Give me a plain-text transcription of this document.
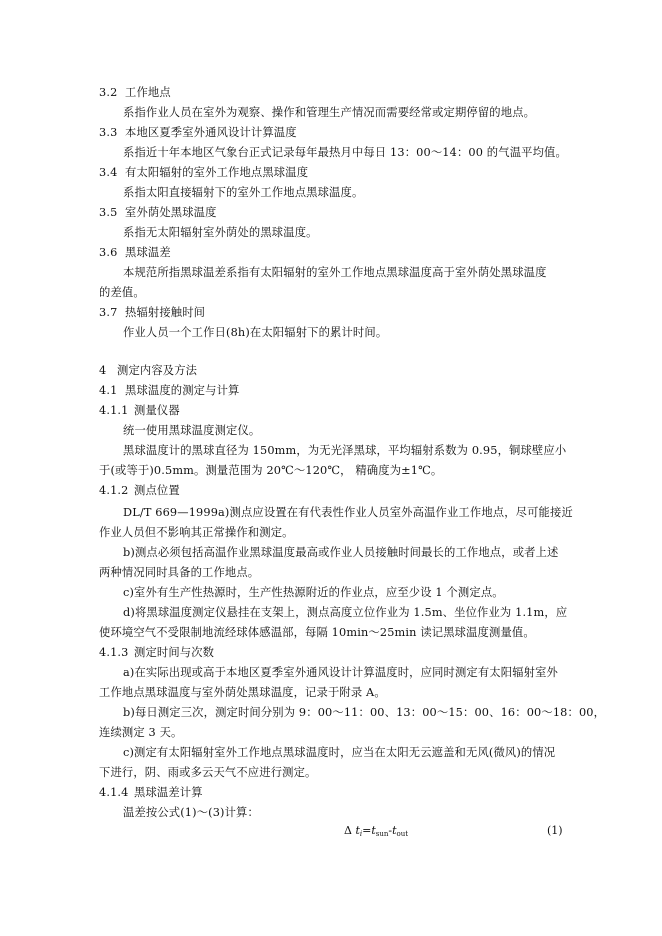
3.2 工作地点
系指作业人员在室外为观察、操作和管理生产情况而需要经常或定期停留的地点。
3.3 本地区夏季室外通风设计计算温度
系指近十年本地区气象台正式记录每年最热月中每日 13：00～14：00 的气温平均值。
3.4 有太阳辐射的室外工作地点黑球温度
系指太阳直接辐射下的室外工作地点黑球温度。
3.5 室外荫处黑球温度
系指无太阳辐射室外荫处的黑球温度。
3.6 黑球温差
本规范所指黑球温差系指有太阳辐射的室外工作地点黑球温度高于室外荫处黑球温度
的差值。
3.7 热辐射接触时间
作业人员一个工作日(8h)在太阳辐射下的累计时间。
4 测定内容及方法
4.1 黑球温度的测定与计算
4.1.1 测量仪器
统一使用黑球温度测定仪。
黑球温度计的黑球直径为 150mm，为无光泽黑球，平均辐射系数为 0.95，铜球壁应小
于(或等于)0.5mm。测量范围为 20℃～120℃， 精确度为±1℃。
4.1.2 测点位置
DL/T 669—1999a)测点应设置在有代表性作业人员室外高温作业工作地点，尽可能接近
作业人员但不影响其正常操作和测定。
b)测点必须包括高温作业黑球温度最高或作业人员接触时间最长的工作地点，或者上述
两种情况同时具备的工作地点。
c)室外有生产性热源时，生产性热源附近的作业点，应至少设 1 个测定点。
d)将黑球温度测定仪悬挂在支架上，测点高度立位作业为 1.5m、坐位作业为 1.1m，应
使环境空气不受限制地流经球体感温部，每隔 10min～25min 读记黑球温度测量值。
4.1.3 测定时间与次数
a)在实际出现或高于本地区夏季室外通风设计计算温度时，应同时测定有太阳辐射室外
工作地点黑球温度与室外荫处黑球温度，记录于附录 A。
b)每日测定三次，测定时间分别为 9：00～11：00、13：00～15：00、16：00～18：00，
连续测定 3 天。
c)测定有太阳辐射室外工作地点黑球温度时，应当在太阳无云遮盖和无风(微风)的情况
下进行，阴、雨或多云天气不应进行测定。
4.1.4 黑球温差计算
温差按公式(1)～(3)计算：
Δ $t_i=t_{sun}-t_{out}$	(1)
